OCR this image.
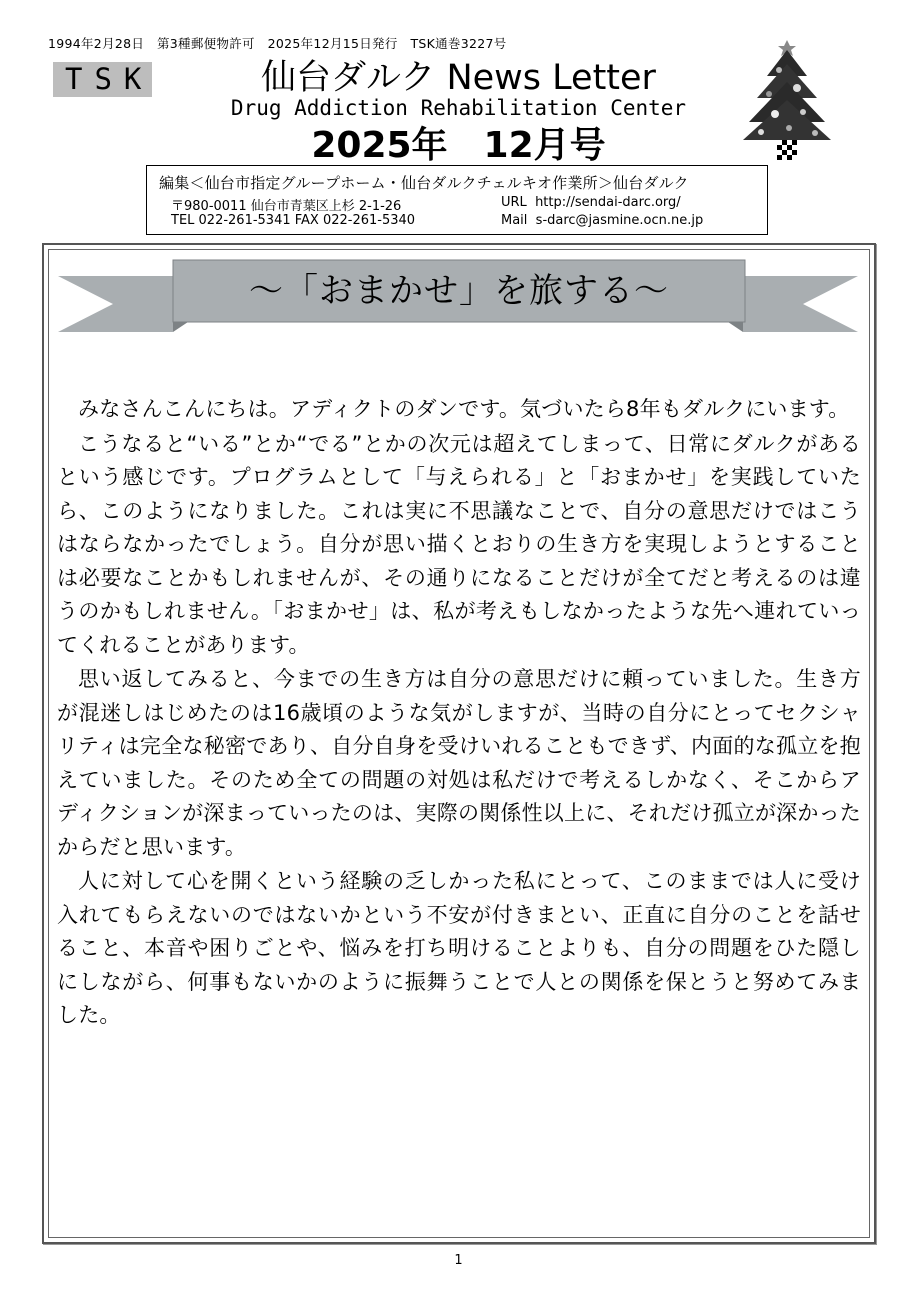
1994年2月28日　第3種郵便物許可　2025年12月15日発行　TSK通巻3227号
TSK	仙台ダルク News Letter
Drug Addiction Rehabilitation Center
2025年　12月号
編集＜仙台市指定グループホーム・仙台ダルクチェルキオ作業所＞仙台ダルク
〒980-0011 仙台市青葉区上杉 2-1-26
TEL 022-261-5341 FAX 022-261-5340
URL http://sendai-darc.org/
Mail s-darc@jasmine.ocn.ne.jp
～「おまかせ」を旅する～

みなさんこんにちは。アディクトのダンです。気づいたら8年もダルクにいます。

こうなると“いる”とか“でる”とかの次元は超えてしまって、日常にダルクがあるという感じです。プログラムとして「与えられる」と「おまかせ」を実践していたら、このようになりました。これは実に不思議なことで、自分の意思だけではこうはならなかったでしょう。自分が思い描くとおりの生き方を実現しようとすることは必要なことかもしれませんが、その通りになることだけが全てだと考えるのは違うのかもしれません。「おまかせ」は、私が考えもしなかったような先へ連れていってくれることがあります。

思い返してみると、今までの生き方は自分の意思だけに頼っていました。生き方が混迷しはじめたのは16歳頃のような気がしますが、当時の自分にとってセクシャリティは完全な秘密であり、自分自身を受けいれることもできず、内面的な孤立を抱えていました。そのため全ての問題の対処は私だけで考えるしかなく、そこからアディクションが深まっていったのは、実際の関係性以上に、それだけ孤立が深かったからだと思います。

人に対して心を開くという経験の乏しかった私にとって、このままでは人に受け入れてもらえないのではないかという不安が付きまとい、正直に自分のことを話せること、本音や困りごとや、悩みを打ち明けることよりも、自分の問題をひた隠しにしながら、何事もないかのように振舞うことで人との関係を保とうと努めてみました。

1
